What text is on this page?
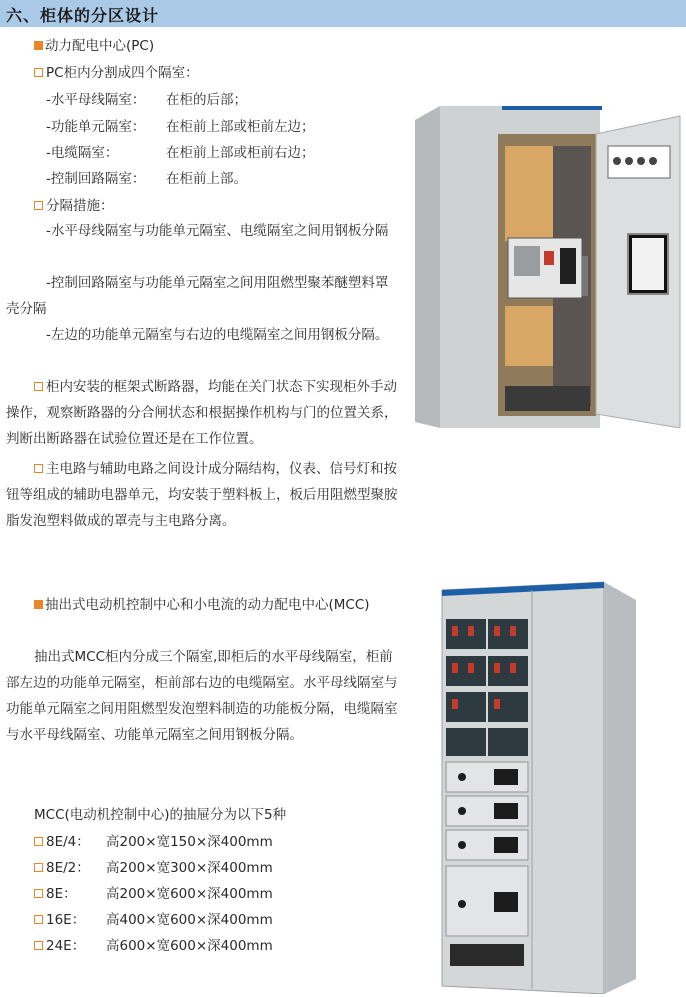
六、柜体的分区设计
动力配电中心(PC)
PC柜内分割成四个隔室：
-水平母线隔室： 在柜的后部；
-功能单元隔室： 在柜前上部或柜前左边；
-电缆隔室：	在柜前上部或柜前右边；
-控制回路隔室： 在柜前上部。
分隔措施：
-水平母线隔室与功能单元隔室、电缆隔室之间用钢板分隔
-控制回路隔室与功能单元隔室之间用阻燃型聚苯醚塑料罩壳分隔
-左边的功能单元隔室与右边的电缆隔室之间用钢板分隔。
柜内安装的框架式断路器，均能在关门状态下实现柜外手动操作，观察断路器的分合闸状态和根据操作机构与门的位置关系，判断出断路器在试验位置还是在工作位置。
主电路与辅助电路之间设计成分隔结构，仪表、信号灯和按钮等组成的辅助电器单元，均安装于塑料板上，板后用阻燃型聚胺脂发泡塑料做成的罩壳与主电路分离。
抽出式电动机控制中心和小电流的动力配电中心(MCC)
抽出式MCC柜内分成三个隔室,即柜后的水平母线隔室，柜前部左边的功能单元隔室，柜前部右边的电缆隔室。水平母线隔室与功能单元隔室之间用阻燃型发泡塑料制造的功能板分隔，电缆隔室与水平母线隔室、功能单元隔室之间用钢板分隔。
MCC(电动机控制中心)的抽屉分为以下5种
8E/4： 高200×宽150×深400mm
8E/2： 高200×宽300×深400mm
8E： 高200×宽600×深400mm
16E： 高400×宽600×深400mm
24E： 高600×宽600×深400mm
